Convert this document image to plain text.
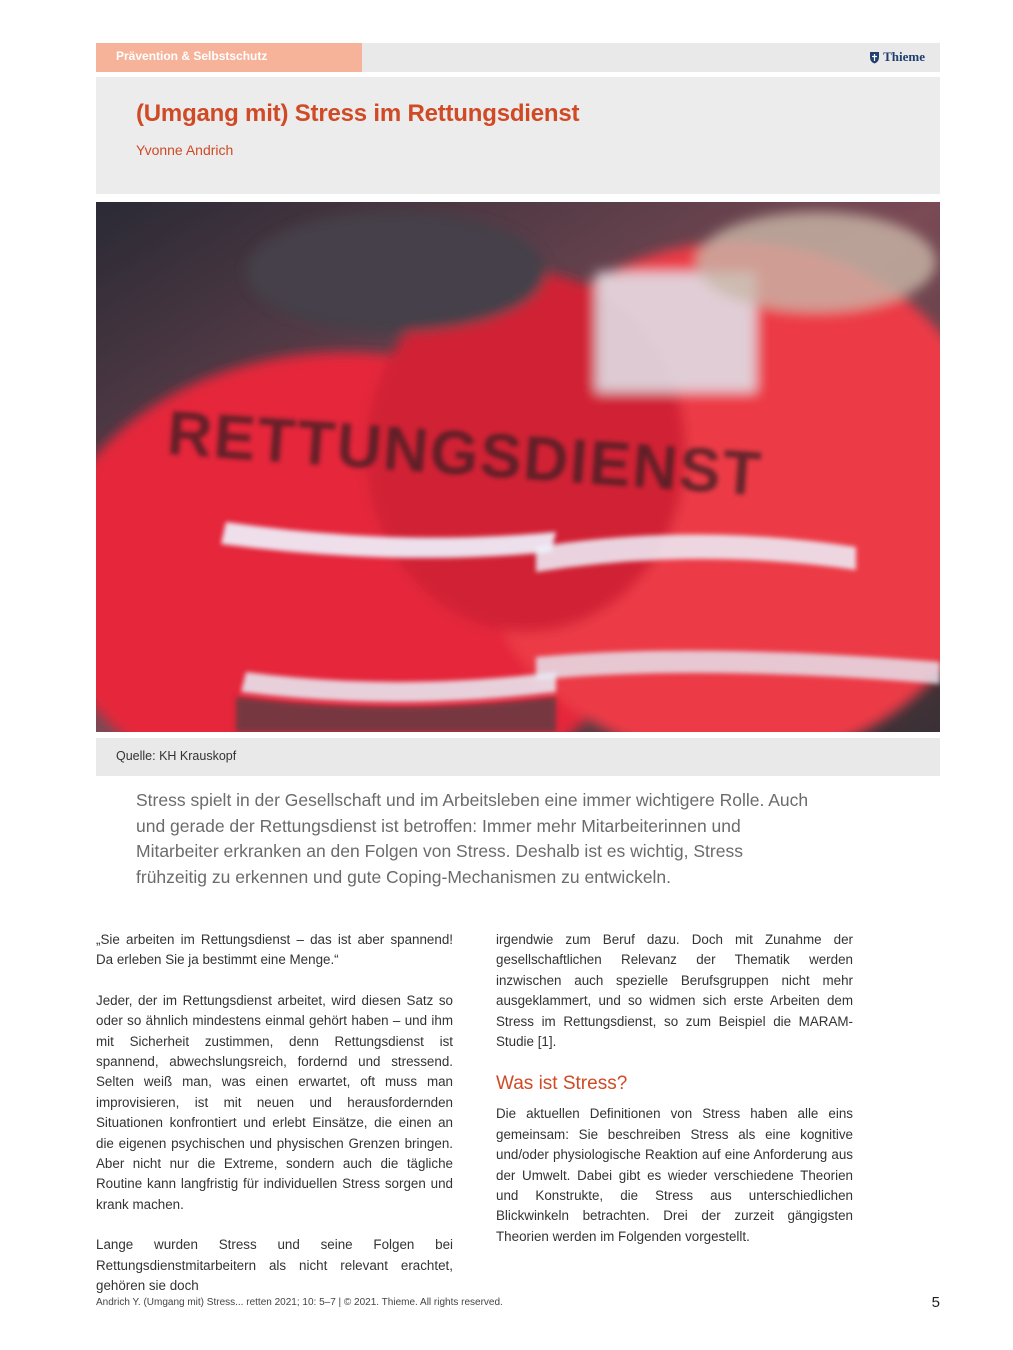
Prävention & Selbstschutz	Thieme
(Umgang mit) Stress im Rettungsdienst
Yvonne Andrich
RETTUNGSDIENST
Quelle: KH Krauskopf

Stress spielt in der Gesellschaft und im Arbeitsleben eine immer wichtigere Rolle. Auch und gerade der Rettungsdienst ist betroffen: Immer mehr Mitarbeiterinnen und Mitarbeiter erkranken an den Folgen von Stress. Deshalb ist es wichtig, Stress frühzeitig zu erkennen und gute Coping-Mechanismen zu entwickeln.

„Sie arbeiten im Rettungsdienst – das ist aber spannend! Da erleben Sie ja bestimmt eine Menge.“

Jeder, der im Rettungsdienst arbeitet, wird diesen Satz so oder so ähnlich mindestens einmal gehört haben – und ihm mit Sicherheit zustimmen, denn Rettungsdienst ist spannend, abwechslungsreich, fordernd und stressend. Selten weiß man, was einen erwartet, oft muss man improvisieren, ist mit neuen und herausfordernden Situationen konfrontiert und erlebt Einsätze, die einen an die eigenen psychischen und physischen Grenzen bringen. Aber nicht nur die Extreme, sondern auch die tägliche Routine kann langfristig für individuellen Stress sorgen und krank machen.

Lange wurden Stress und seine Folgen bei Rettungsdienstmitarbeitern als nicht relevant erachtet, gehören sie doch

irgendwie zum Beruf dazu. Doch mit Zunahme der gesellschaftlichen Relevanz der Thematik werden inzwischen auch spezielle Berufsgruppen nicht mehr ausgeklammert, und so widmen sich erste Arbeiten dem Stress im Rettungsdienst, so zum Beispiel die MARAM-Studie [1].

Was ist Stress?

Die aktuellen Definitionen von Stress haben alle eins gemeinsam: Sie beschreiben Stress als eine kognitive und/oder physiologische Reaktion auf eine Anforderung aus der Umwelt. Dabei gibt es wieder verschiedene Theorien und Konstrukte, die Stress aus unterschiedlichen Blickwinkeln betrachten. Drei der zurzeit gängigsten Theorien werden im Folgenden vorgestellt.

Andrich Y. (Umgang mit) Stress... retten 2021; 10: 5–7 | © 2021. Thieme. All rights reserved.	5
